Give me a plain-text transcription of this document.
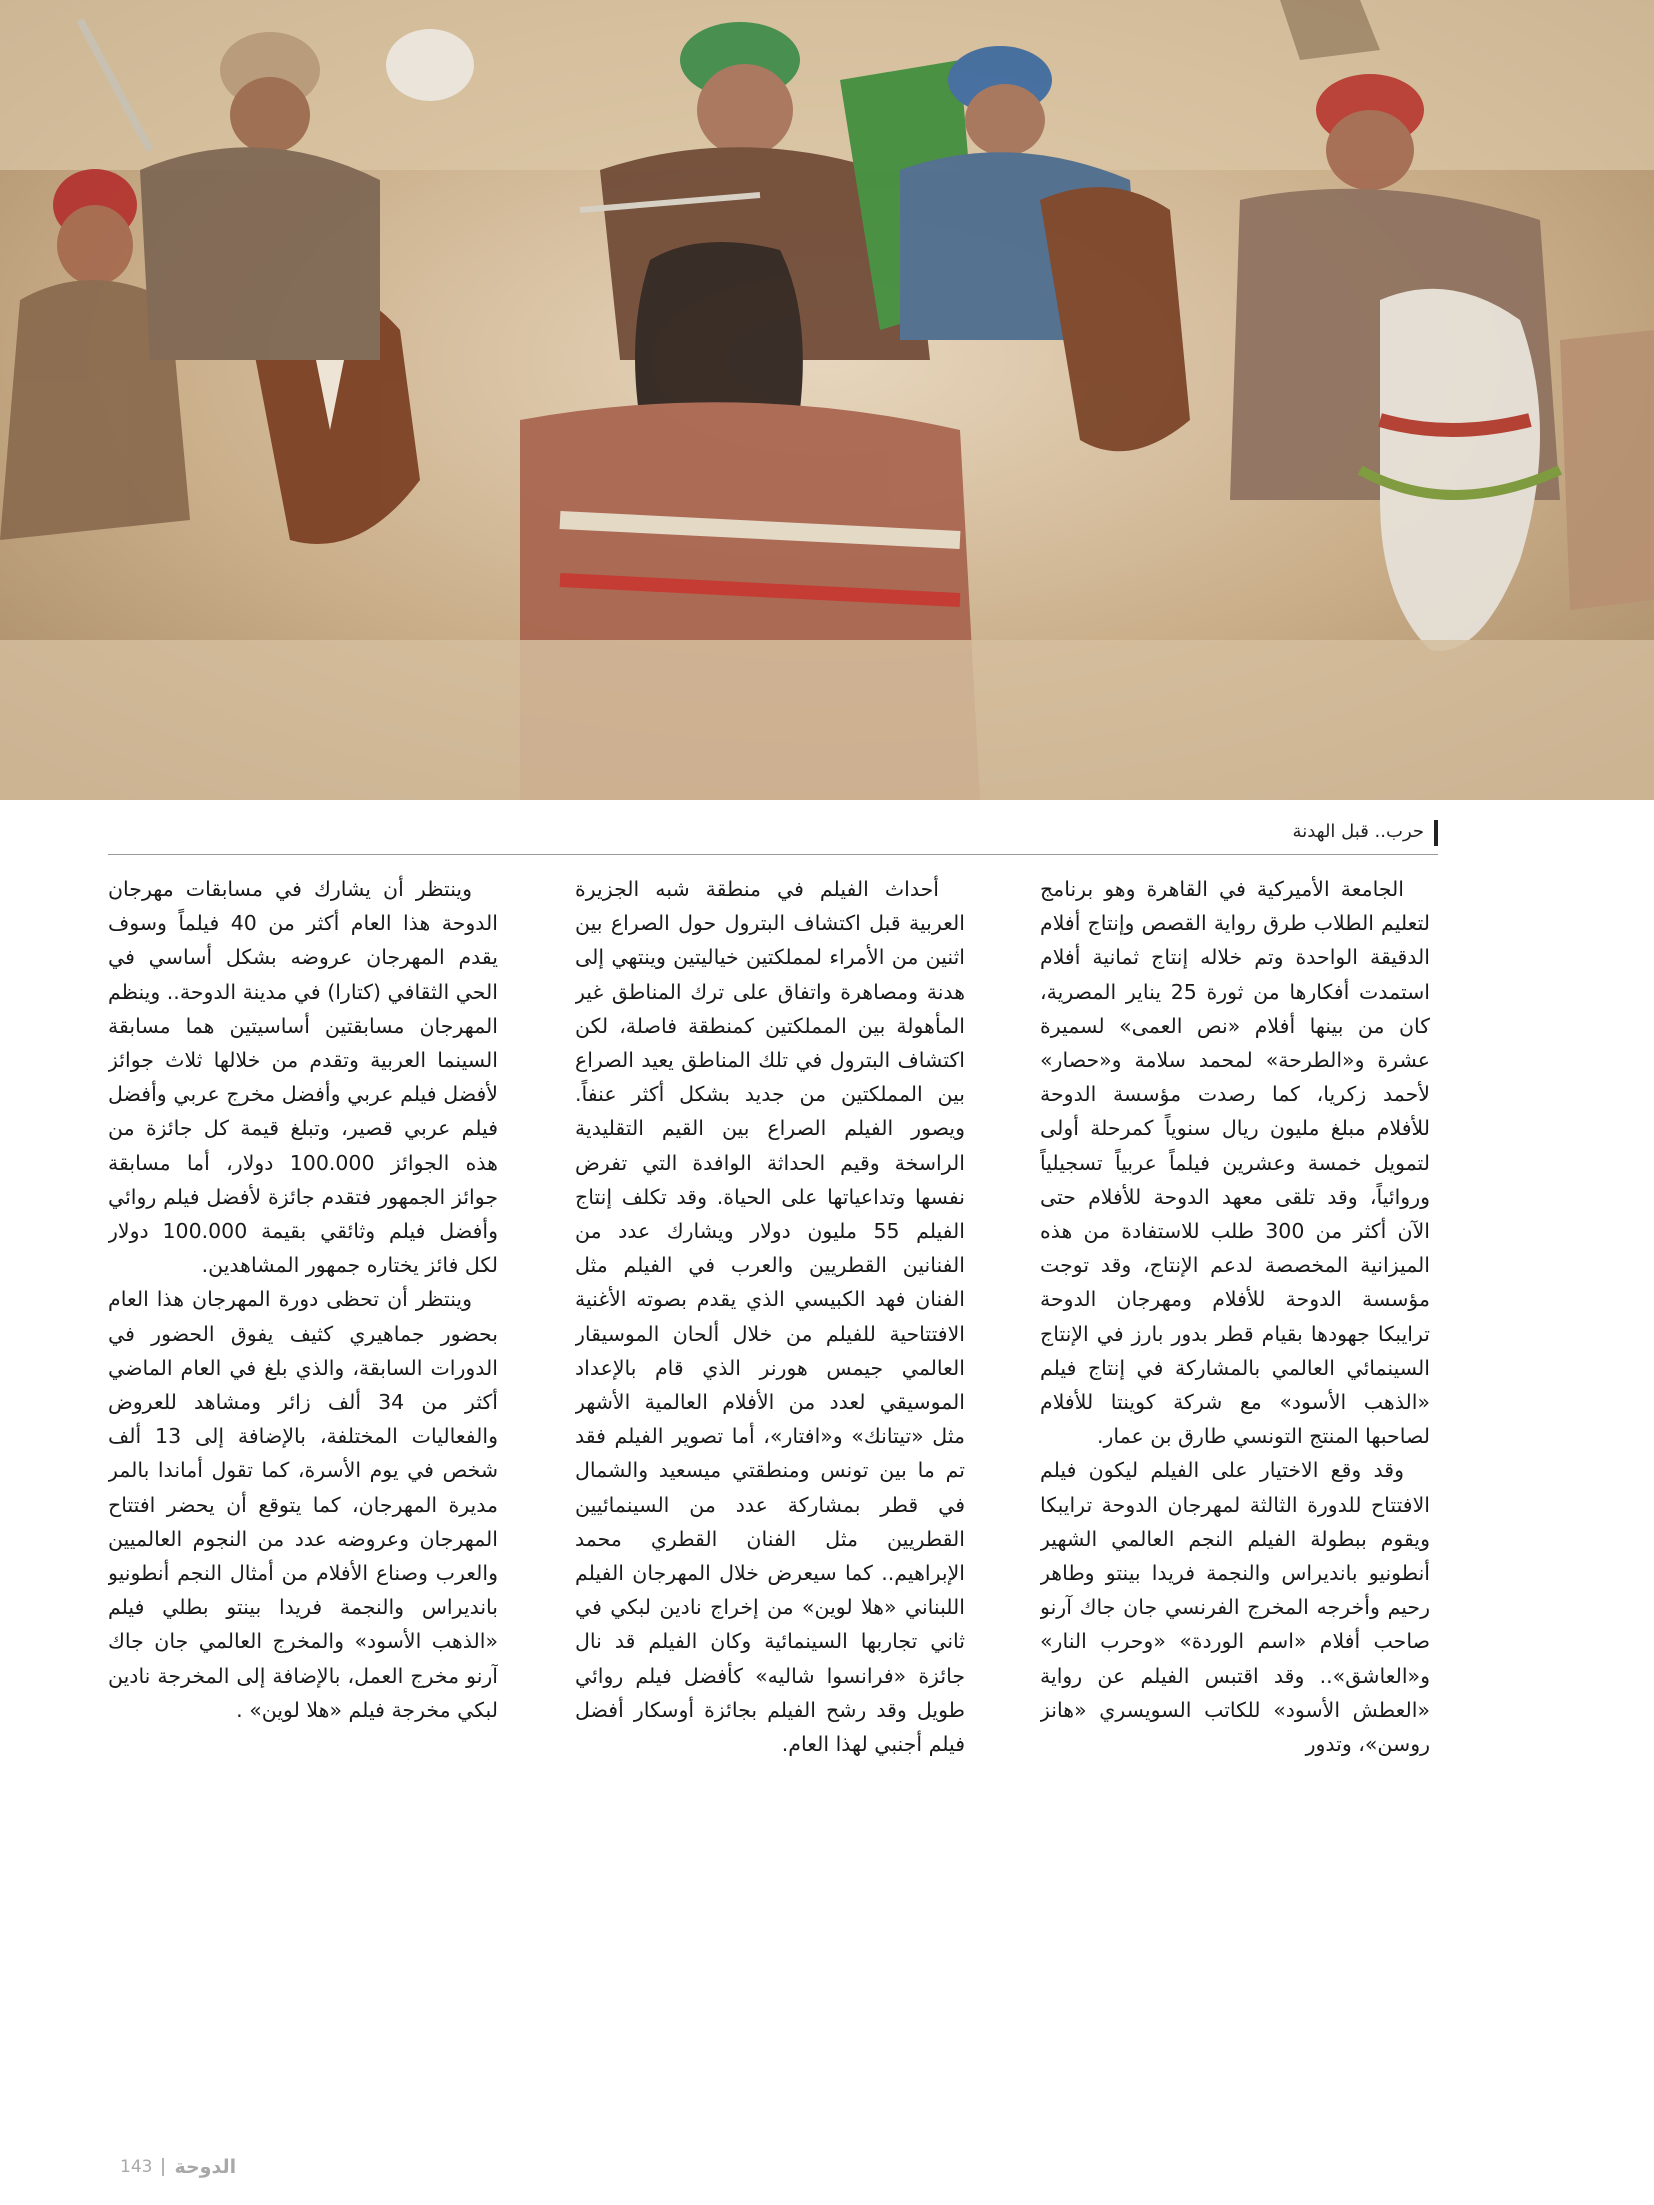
حرب.. قبل الهدنة

الجامعة الأميركية في القاهرة وهو برنامج لتعليم الطلاب طرق رواية القصص وإنتاج أفلام الدقيقة الواحدة وتم خلاله إنتاج ثمانية أفلام استمدت أفكارها من ثورة 25 يناير المصرية، كان من بينها أفلام «نص العمى» لسميرة عشرة و«الطرحة» لمحمد سلامة و«حصار» لأحمد زكريا، كما رصدت مؤسسة الدوحة للأفلام مبلغ مليون ريال سنوياً كمرحلة أولى لتمويل خمسة وعشرين فيلماً عربياً تسجيلياً وروائياً، وقد تلقى معهد الدوحة للأفلام حتى الآن أكثر من 300 طلب للاستفادة من هذه الميزانية المخصصة لدعم الإنتاج، وقد توجت مؤسسة الدوحة للأفلام ومهرجان الدوحة ترايبكا جهودها بقيام قطر بدور بارز في الإنتاج السينمائي العالمي بالمشاركة في إنتاج فيلم «الذهب الأسود» مع شركة كوينتا للأفلام لصاحبها المنتج التونسي طارق بن عمار.

وقد وقع الاختيار على الفيلم ليكون فيلم الافتتاح للدورة الثالثة لمهرجان الدوحة ترايبكا ويقوم ببطولة الفيلم النجم العالمي الشهير أنطونيو بانديراس والنجمة فريدا بينتو وطاهر رحيم وأخرجه المخرج الفرنسي جان جاك آرنو صاحب أفلام «اسم الوردة» «وحرب النار» و«العاشق».. وقد اقتبس الفيلم عن رواية «العطش الأسود» للكاتب السويسري «هانز روسن»، وتدور

أحداث الفيلم في منطقة شبه الجزيرة العربية قبل اكتشاف البترول حول الصراع بين اثنين من الأمراء لمملكتين خياليتين وينتهي إلى هدنة ومصاهرة واتفاق على ترك المناطق غير المأهولة بين المملكتين كمنطقة فاصلة، لكن اكتشاف البترول في تلك المناطق يعيد الصراع بين المملكتين من جديد بشكل أكثر عنفاً. ويصور الفيلم الصراع بين القيم التقليدية الراسخة وقيم الحداثة الوافدة التي تفرض نفسها وتداعياتها على الحياة. وقد تكلف إنتاج الفيلم 55 مليون دولار ويشارك عدد من الفنانين القطريين والعرب في الفيلم مثل الفنان فهد الكبيسي الذي يقدم بصوته الأغنية الافتتاحية للفيلم من خلال ألحان الموسيقار العالمي جيمس هورنر الذي قام بالإعداد الموسيقي لعدد من الأفلام العالمية الأشهر مثل «تيتانك» و«افتار»، أما تصوير الفيلم فقد تم ما بين تونس ومنطقتي ميسعيد والشمال في قطر بمشاركة عدد من السينمائيين القطريين مثل الفنان القطري محمد الإبراهيم.. كما سيعرض خلال المهرجان الفيلم اللبناني «هلا لوين» من إخراج نادين لبكي في ثاني تجاربها السينمائية وكان الفيلم قد نال جائزة «فرانسوا شاليه» كأفضل فيلم روائي طويل وقد رشح الفيلم بجائزة أوسكار أفضل فيلم أجنبي لهذا العام.

وينتظر أن يشارك في مسابقات مهرجان الدوحة هذا العام أكثر من 40 فيلماً وسوف يقدم المهرجان عروضه بشكل أساسي في الحي الثقافي (كتارا) في مدينة الدوحة.. وينظم المهرجان مسابقتين أساسيتين هما مسابقة السينما العربية وتقدم من خلالها ثلاث جوائز لأفضل فيلم عربي وأفضل مخرج عربي وأفضل فيلم عربي قصير، وتبلغ قيمة كل جائزة من هذه الجوائز 100.000 دولار، أما مسابقة جوائز الجمهور فتقدم جائزة لأفضل فيلم روائي وأفضل فيلم وثائقي بقيمة 100.000 دولار لكل فائز يختاره جمهور المشاهدين.

وينتظر أن تحظى دورة المهرجان هذا العام بحضور جماهيري كثيف يفوق الحضور في الدورات السابقة، والذي بلغ في العام الماضي أكثر من 34 ألف زائر ومشاهد للعروض والفعاليات المختلفة، بالإضافة إلى 13 ألف شخص في يوم الأسرة، كما تقول أماندا بالمر مديرة المهرجان، كما يتوقع أن يحضر افتتاح المهرجان وعروضه عدد من النجوم العالميين والعرب وصناع الأفلام من أمثال النجم أنطونيو بانديراس والنجمة فريدا بينتو بطلي فيلم «الذهب الأسود» والمخرج العالمي جان جاك آرنو مخرج العمل، بالإضافة إلى المخرجة نادين لبكي مخرجة فيلم «هلا لوين» .

143 الدوحة
